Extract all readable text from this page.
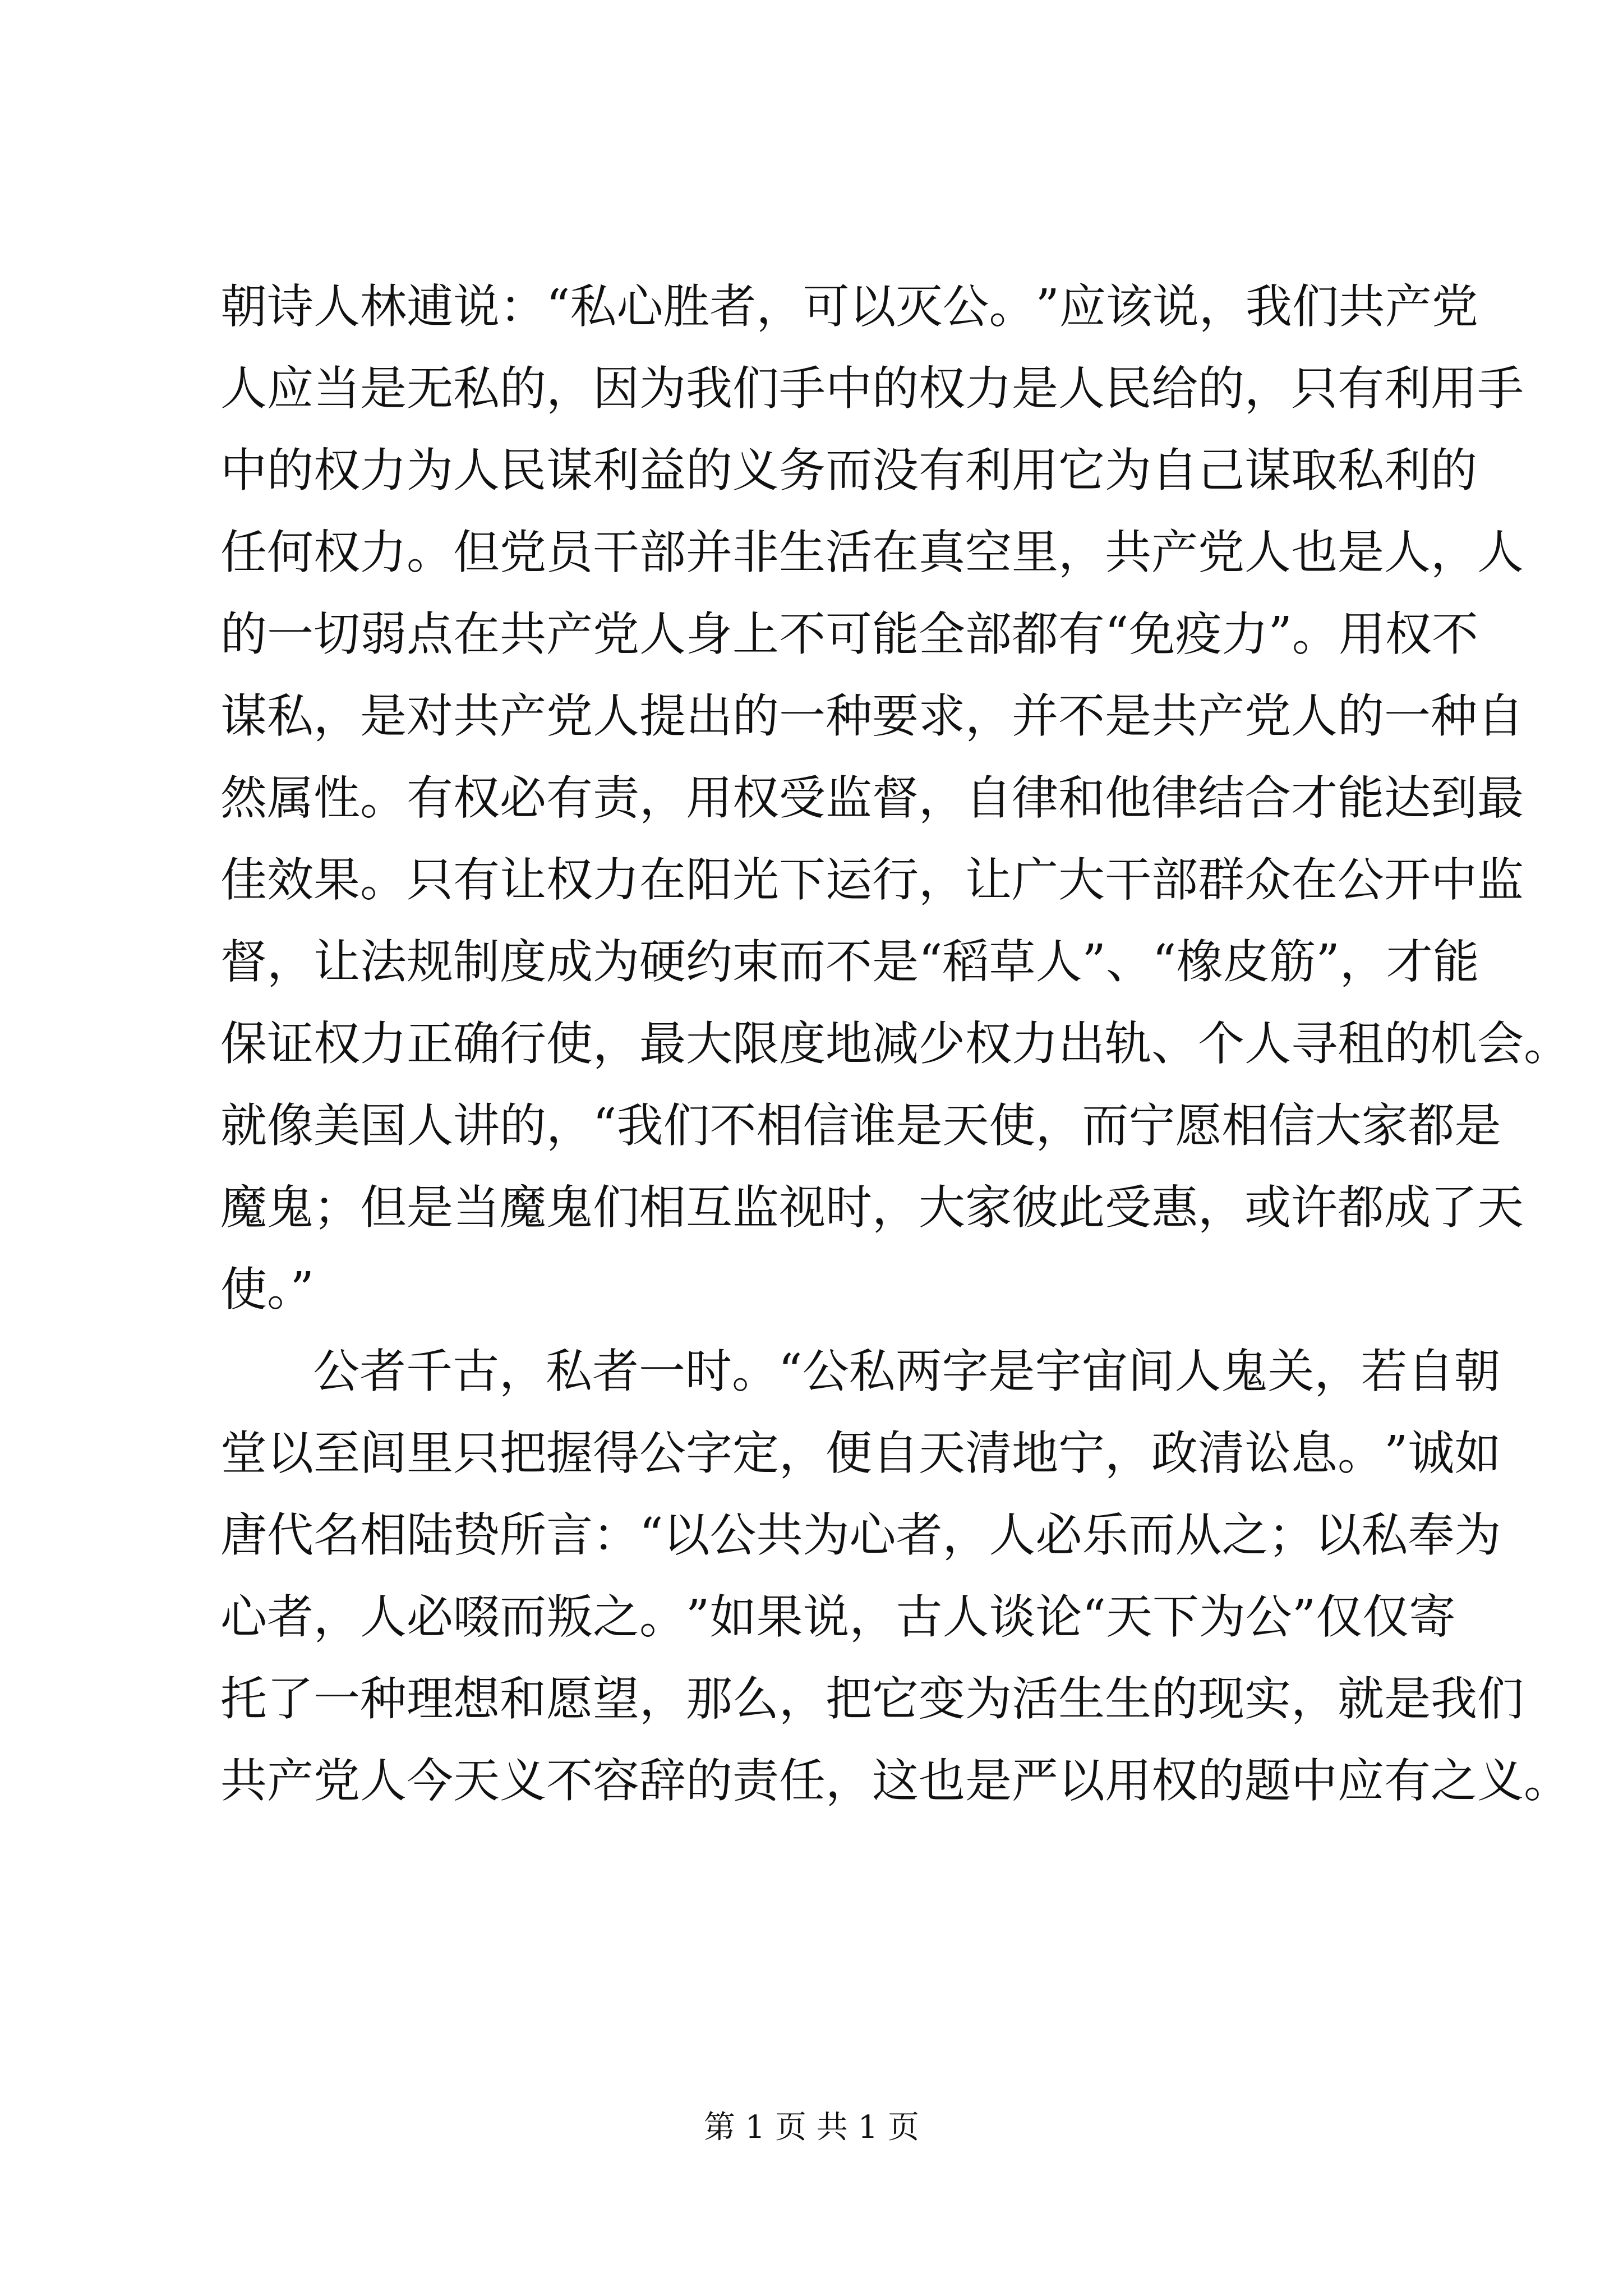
朝 诗 人 林 逋 说 ： “ 私 心 胜 者 ， 可 以 灭 公 。 ” 应 该 说 ， 我 们 共 产 党
人 应 当 是 无 私 的 ， 因 为 我 们 手 中 的 权 力 是 人 民 给 的 ， 只 有 利 用 手
中 的 权 力 为 人 民 谋 利 益 的 义 务 而 没 有 利 用 它 为 自 己 谋 取 私 利 的
任 何 权 力 。 但 党 员 干 部 并 非 生 活 在 真 空 里 ， 共 产 党 人 也 是 人 ， 人
的 一 切 弱 点 在 共 产 党 人 身 上 不 可 能 全 部 都 有 “ 免 疫 力 ” 。 用 权 不
谋 私 ， 是 对 共 产 党 人 提 出 的 一 种 要 求 ， 并 不 是 共 产 党 人 的 一 种 自
然 属 性 。 有 权 必 有 责 ， 用 权 受 监 督 ， 自 律 和 他 律 结 合 才 能 达 到 最
佳 效 果 。 只 有 让 权 力 在 阳 光 下 运 行 ， 让 广 大 干 部 群 众 在 公 开 中 监
督 ， 让 法 规 制 度 成 为 硬 约 束 而 不 是 “ 稻 草 人 ” 、 “ 橡 皮 筋 ” ， 才 能
保 证 权 力 正 确 行 使 ， 最 大 限 度 地 减 少 权 力 出 轨 、 个 人 寻 租 的 机 会 。
就 像 美 国 人 讲 的 ， “ 我 们 不 相 信 谁 是 天 使 ， 而 宁 愿 相 信 大 家 都 是
魔 鬼 ； 但 是 当 魔 鬼 们 相 互 监 视 时 ， 大 家 彼 此 受 惠 ， 或 许 都 成 了 天
使。”
公 者 千 古 ， 私 者 一 时 。 “ 公 私 两 字 是 宇 宙 间 人 鬼 关 ， 若 自 朝
堂 以 至 闾 里 只 把 握 得 公 字 定 ， 便 自 天 清 地 宁 ， 政 清 讼 息 。 ” 诚 如
唐 代 名 相 陆 贽 所 言 ： “ 以 公 共 为 心 者 ， 人 必 乐 而 从 之 ； 以 私 奉 为
心 者 ， 人 必 啜 而 叛 之 。 ” 如 果 说 ， 古 人 谈 论 “ 天 下 为 公 ” 仅 仅 寄
托 了 一 种 理 想 和 愿 望 ， 那 么 ， 把 它 变 为 活 生 生 的 现 实 ， 就 是 我 们
共产党人今天义不容辞的责任，这也是严以用权的题中应有之义。
第 1 页 共 1 页
